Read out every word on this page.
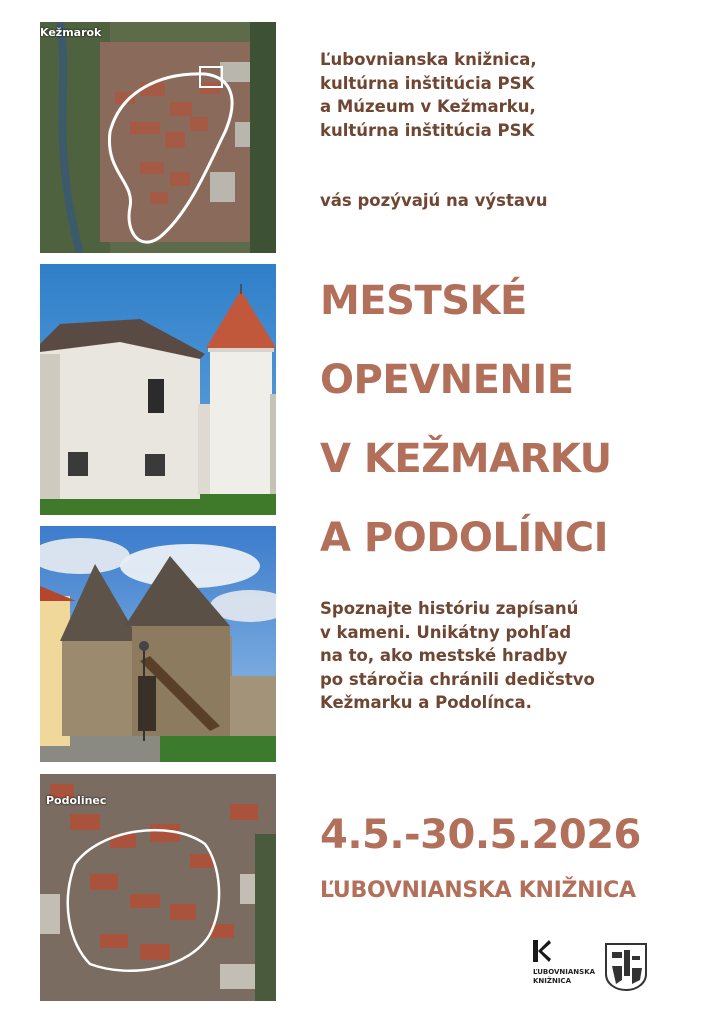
Kežmarok
Podolinec
Ľubovnianska knižnica,
kultúrna inštitúcia PSK
a Múzeum v Kežmarku,
kultúrna inštitúcia PSK
vás pozývajú na výstavu
MESTSKÉ
OPEVNENIE
V KEŽMARKU
A PODOLÍNCI
Spoznajte históriu zapísanú
v kameni. Unikátny pohľad
na to, ako mestské hradby
po stáročia chránili dedičstvo
Kežmarku a Podolínca.
4.5.-30.5.2026
ĽUBOVNIANSKA KNIŽNICA
ĽUBOVNIANSKA
KNIŽNICA
